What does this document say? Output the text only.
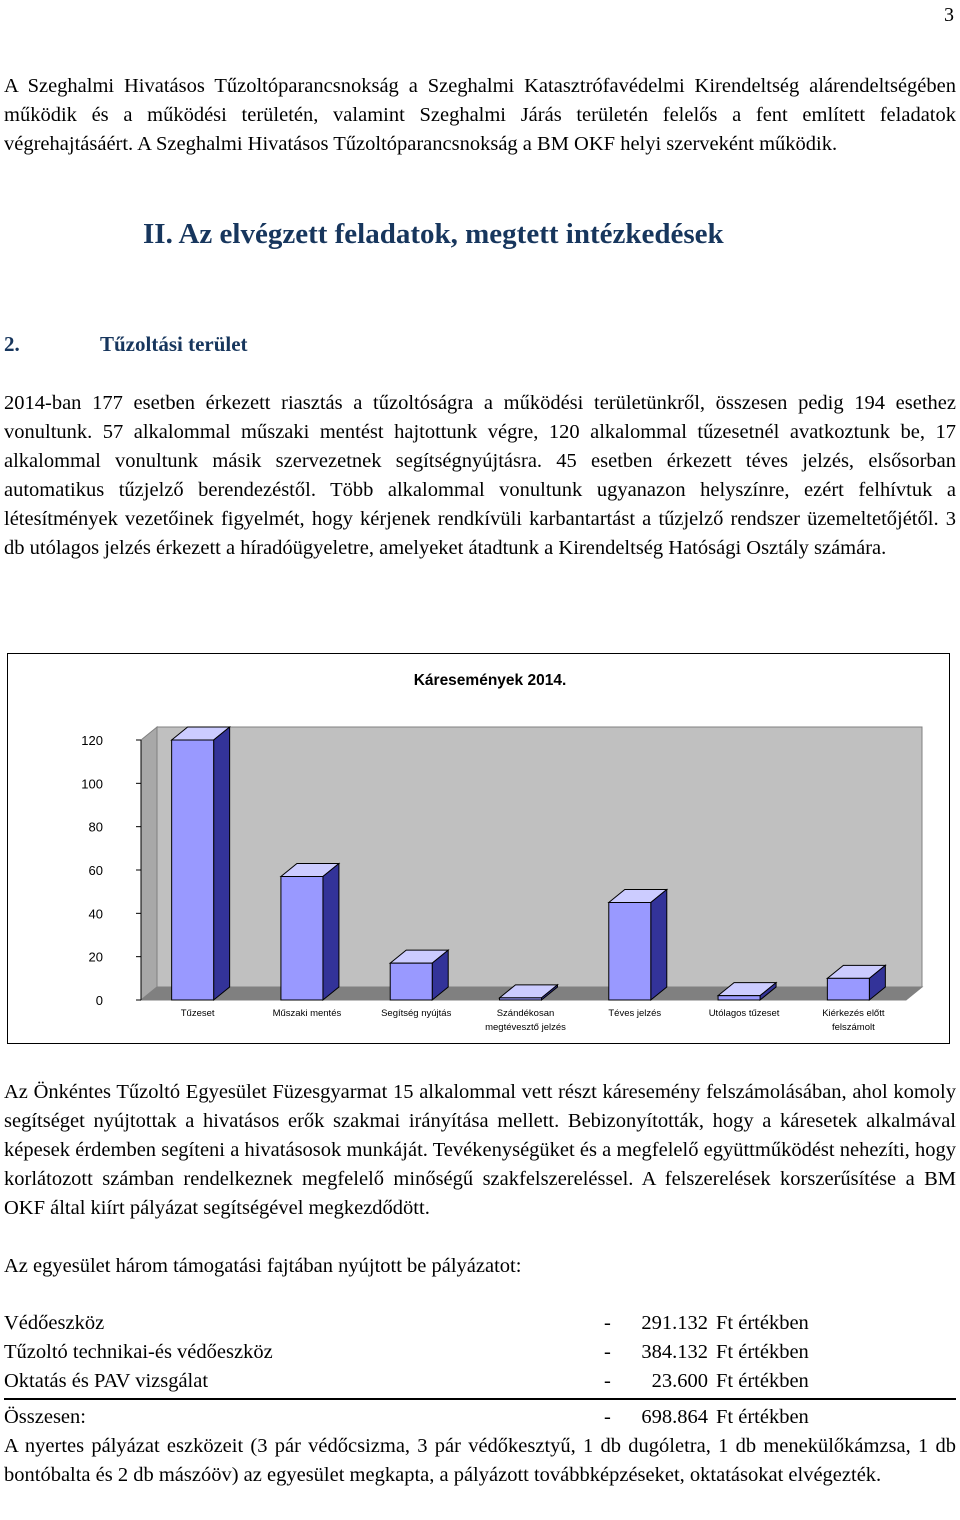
3

A Szeghalmi Hivatásos Tűzoltóparancsnokság a Szeghalmi Katasztrófavédelmi Kirendeltség alárendeltségében működik és a működési területén, valamint Szeghalmi Járás területén felelős a fent említett feladatok végrehajtásáért. A Szeghalmi Hivatásos Tűzoltóparancsnokság a BM OKF helyi szerveként működik.

II. Az elvégzett feladatok, megtett intézkedések
2.	Tűzoltási terület

2014-ban 177 esetben érkezett riasztás a tűzoltóságra a működési területünkről, összesen pedig 194 esethez vonultunk. 57 alkalommal műszaki mentést hajtottunk végre, 120 alkalommal tűzesetnél avatkoztunk be, 17 alkalommal vonultunk másik szervezetnek segítségnyújtásra. 45 esetben érkezett téves jelzés, elsősorban automatikus tűzjelző berendezéstől. Több alkalommal vonultunk ugyanazon helyszínre, ezért felhívtuk a létesítmények vezetőinek figyelmét, hogy kérjenek rendkívüli karbantartást a tűzjelző rendszer üzemeltetőjétől. 3 db utólagos jelzés érkezett a híradóügyeletre, amelyeket átadtunk a Kirendeltség Hatósági Osztály számára.

Káresemények 2014.
0
20
40
60
80
100
120
Tűzeset	Műszaki mentés	Segítség nyújtás	Szándékosan
megtévesztő jelzés
Téves jelzés	Utólagos tűzeset	Kiérkezés előtt
felszámolt

Az Önkéntes Tűzoltó Egyesület Füzesgyarmat 15 alkalommal vett részt káresemény felszámolásában, ahol komoly segítséget nyújtottak a hivatásos erők szakmai irányítása mellett. Bebizonyították, hogy a káresetek alkalmával képesek érdemben segíteni a hivatásosok munkáját. Tevékenységüket és a megfelelő együttműködést nehezíti, hogy korlátozott számban rendelkeznek megfelelő minőségű szakfelszereléssel. A felszerelések korszerűsítése a BM OKF által kiírt pályázat segítségével megkezdődött.

Az egyesület három támogatási fajtában nyújtott be pályázatot:

Védőeszköz	-	291.132 Ft értékben
Tűzoltó technikai-és védőeszköz	-	384.132 Ft értékben
Oktatás és PAV vizsgálat	-	23.600 Ft értékben
Összesen:	-	698.864 Ft értékben

A nyertes pályázat eszközeit (3 pár védőcsizma, 3 pár védőkesztyű, 1 db dugóletra, 1 db menekülőkámzsa, 1 db bontóbalta és 2 db mászóöv) az egyesület megkapta, a pályázott továbbképzéseket, oktatásokat elvégezték.
